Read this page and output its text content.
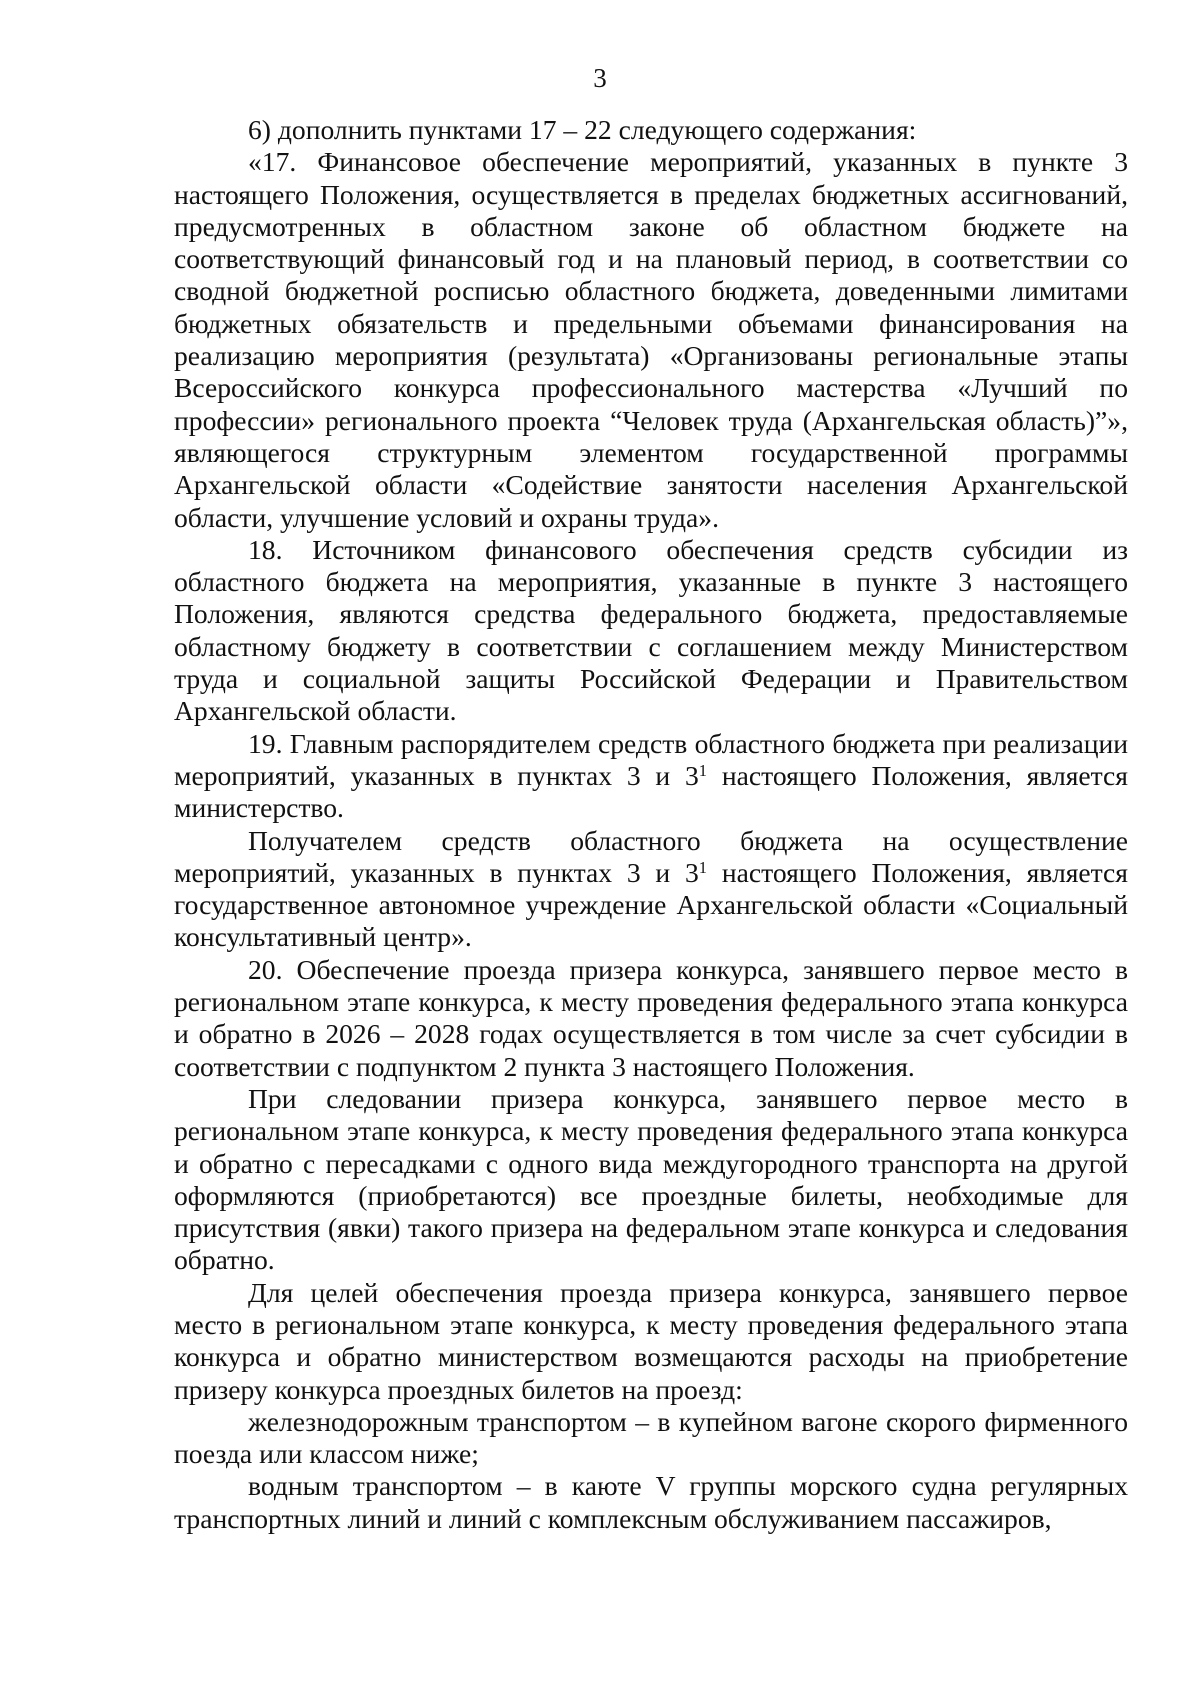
3

6) дополнить пунктами 17 – 22 следующего содержания:

«17. Финансовое обеспечение мероприятий, указанных в пункте 3 настоящего Положения, осуществляется в пределах бюджетных ассигнований, предусмотренных в областном законе об областном бюджете на соответствующий финансовый год и на плановый период, в соответствии со сводной бюджетной росписью областного бюджета, доведенными лимитами бюджетных обязательств и предельными объемами финансирования на реализацию мероприятия (результата) «Организованы региональные этапы Всероссийского конкурса профессионального мастерства «Лучший по профессии» регионального проекта “Человек труда (Архангельская область)”», являющегося структурным элементом государственной программы Архангельской области «Содействие занятости населения Архангельской области, улучшение условий и охраны труда».

18. Источником финансового обеспечения средств субсидии из областного бюджета на мероприятия, указанные в пункте 3 настоящего Положения, являются средства федерального бюджета, предоставляемые областному бюджету в соответствии с соглашением между Министерством труда и социальной защиты Российской Федерации и Правительством Архангельской области.

19. Главным распорядителем средств областного бюджета при реализации мероприятий, указанных в пунктах 3 и $3^1$ настоящего Положения, является министерство.

Получателем средств областного бюджета на осуществление мероприятий, указанных в пунктах 3 и $3^1$ настоящего Положения, является государственное автономное учреждение Архангельской области «Социальный консультативный центр».

20. Обеспечение проезда призера конкурса, занявшего первое место в региональном этапе конкурса, к месту проведения федерального этапа конкурса и обратно в 2026 – 2028 годах осуществляется в том числе за счет субсидии в соответствии с подпунктом 2 пункта 3 настоящего Положения.

При следовании призера конкурса, занявшего первое место в региональном этапе конкурса, к месту проведения федерального этапа конкурса и обратно с пересадками с одного вида междугородного транспорта на другой оформляются (приобретаются) все проездные билеты, необходимые для присутствия (явки) такого призера на федеральном этапе конкурса и следования обратно.

Для целей обеспечения проезда призера конкурса, занявшего первое место в региональном этапе конкурса, к месту проведения федерального этапа конкурса и обратно министерством возмещаются расходы на приобретение призеру конкурса проездных билетов на проезд:

железнодорожным транспортом – в купейном вагоне скорого фирменного поезда или классом ниже;

водным транспортом – в каюте V группы морского судна регулярных транспортных линий и линий с комплексным обслуживанием пассажиров,
